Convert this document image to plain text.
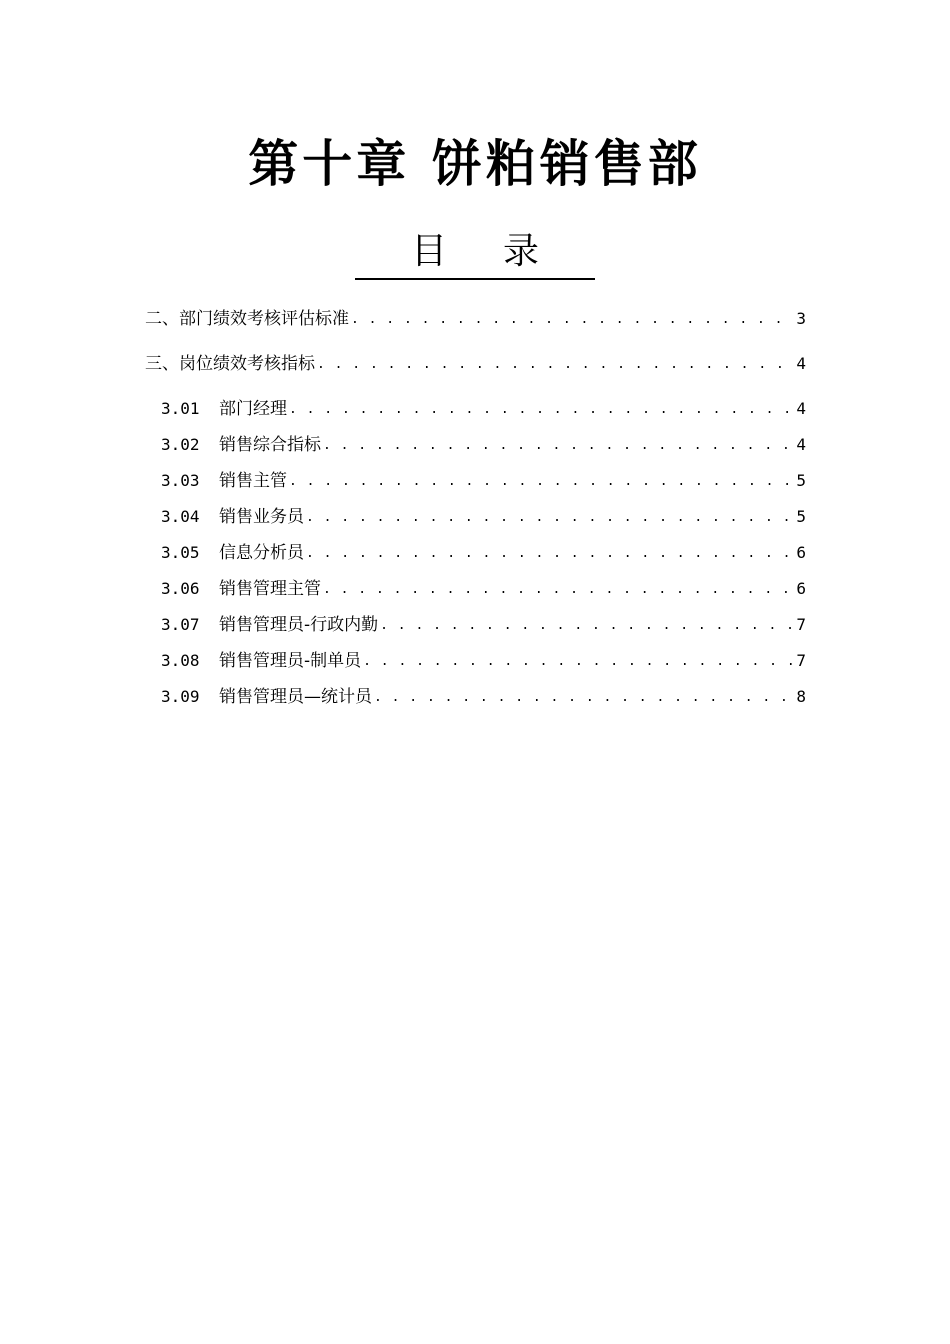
第十章 饼粕销售部
目录
二、部门绩效考核评估标准 . . .	3
三、岗位绩效考核指标 . . .	4
3.01	部门经理 . . .	4
3.02	销售综合指标 . . .	4
3.03	销售主管 . . .	5
3.04	销售业务员 . . .	5
3.05	信息分析员 . . .	6
3.06	销售管理主管 . . .	6
3.07	销售管理员-行政内勤 . . .	7
3.08	销售管理员-制单员 . . .	7
3.09	销售管理员—统计员 . . .	8
